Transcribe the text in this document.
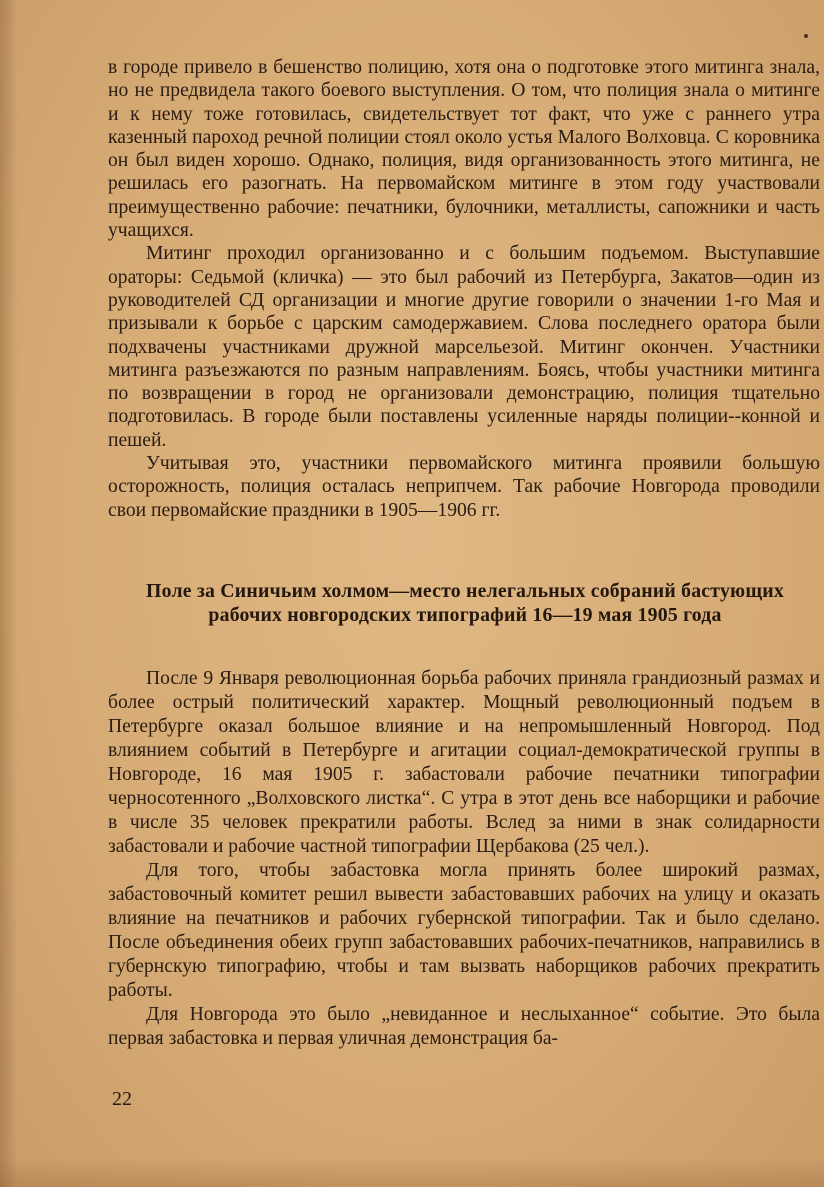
в городе привело в бешенство полицию, хотя она о подготовке этого митинга знала, но не предвидела такого боевого выступления. О том, что полиция знала о митинге и к нему тоже готовилась, свидетельствует тот факт, что уже с раннего утра казенный пароход речной полиции стоял около устья Малого Волховца. С коровника он был виден хорошо. Однако, полиция, видя организованность этого митинга, не решилась его разогнать. На первомайском митинге в этом году участвовали преимущественно рабочие: печатники, булочники, металлисты, сапожники и часть учащихся.

Митинг проходил организованно и с большим подъемом. Выступавшие ораторы: Седьмой (кличка) — это был рабочий из Петербурга, Закатов—один из руководителей СД организации и многие другие говорили о значении 1-го Мая и призывали к борьбе с царским самодержавием. Слова последнего оратора были подхвачены участниками дружной марсельезой. Митинг окончен. Участники митинга разъезжаются по разным направлениям. Боясь, чтобы участники митинга по возвращении в город не организовали демонстрацию, полиция тщательно подготовилась. В городе были поставлены усиленные наряды полиции--конной и пешей.

Учитывая это, участники первомайского митинга проявили большую осторожность, полиция осталась неприпчем. Так рабочие Новгорода проводили свои первомайские праздники в 1905—1906 гг.

Поле за Синичьим холмом—место нелегальных собраний бастующих рабочих новгородских типографий 16—19 мая 1905 года

После 9 Января революционная борьба рабочих приняла грандиозный размах и более острый политический характер. Мощный революционный подъем в Петербурге оказал большое влияние и на непромышленный Новгород. Под влиянием событий в Петербурге и агитации социал-демократической группы в Новгороде, 16 мая 1905 г. забастовали рабочие печатники типографии черносотенного „Волховского листка“. С утра в этот день все наборщики и рабочие в числе 35 человек прекратили работы. Вслед за ними в знак солидарности забастовали и рабочие частной типографии Щербакова (25 чел.).

Для того, чтобы забастовка могла принять более широкий размах, забастовочный комитет решил вывести забастовавших рабочих на улицу и оказать влияние на печатников и рабочих губернской типографии. Так и было сделано. После объединения обеих групп забастовавших рабочих-печатников, направились в губернскую типографию, чтобы и там вызвать наборщиков рабочих прекратить работы.

Для Новгорода это было „невиданное и неслыханное“ событие. Это была первая забастовка и первая уличная демонстрация ба-

22
